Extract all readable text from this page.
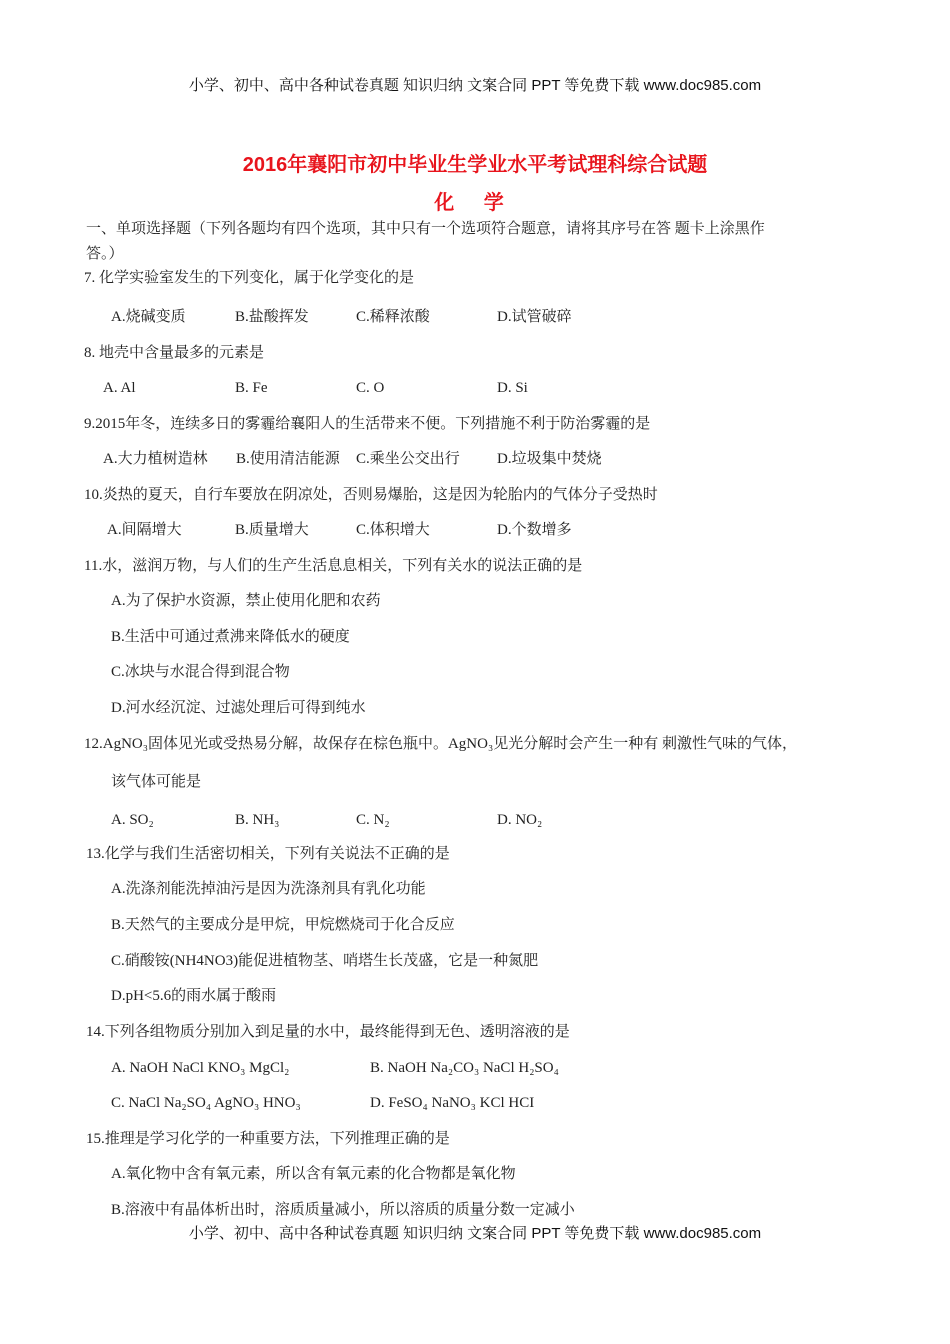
小学、初中、高中各种试卷真题 知识归纳 文案合同 PPT 等免费下载 www.doc985.com
2016年襄阳市初中毕业生学业水平考试理科综合试题
化 学
一、单项选择题（下列各题均有四个选项，其中只有一个选项符合题意，请将其序号在答 题卡上涂黑作
答。）
7. 化学实验室发生的下列变化，属于化学变化的是
A.烧碱变质	B.盐酸挥发	C.稀释浓酸	D.试管破碎
8. 地壳中含量最多的元素是
A. Al	B. Fe	C. O	D. Si
9.2015年冬，连续多日的雾霾给襄阳人的生活带来不便。下列措施不利于防治雾霾的是
A.大力植树造林 B.使用清洁能源 C.乘坐公交出行 D.垃圾集中焚烧
10.炎热的夏天，自行车要放在阴凉处，否则易爆胎，这是因为轮胎内的气体分子受热时
A.间隔增大	B.质量增大	C.体积增大	D.个数增多
11.水，滋润万物，与人们的生产生活息息相关，下列有关水的说法正确的是
A.为了保护水资源，禁止使用化肥和农药
B.生活中可通过煮沸来降低水的硬度
C.冰块与水混合得到混合物
D.河水经沉淀、过滤处理后可得到纯水
12.AgNO₃固体见光或受热易分解，故保存在棕色瓶中。AgNO₃见光分解时会产生一种有 刺激性气味的气体，
该气体可能是
A. SO₂	B. NH₃	C. N₂	D. NO₂
13.化学与我们生活密切相关，下列有关说法不正确的是
A.洗涤剂能洗掉油污是因为洗涤剂具有乳化功能
B.天然气的主要成分是甲烷，甲烷燃烧司于化合反应
C.硝酸铵(NH4NO3)能促进植物茎、哨塔生长茂盛，它是一种氮肥
D.pH<5.6的雨水属于酸雨
14.下列各组物质分别加入到足量的水中，最终能得到无色、透明溶液的是
A. NaOH NaCl KNO₃ MgCl₂	B. NaOH Na₂CO₃ NaCl H₂SO₄
C. NaCl Na₂SO₄ AgNO₃ HNO₃	D. FeSO₄ NaNO₃ KCl HCI
15.推理是学习化学的一种重要方法，下列推理正确的是
A.氧化物中含有氧元素，所以含有氧元素的化合物都是氧化物
B.溶液中有晶体析出时，溶质质量减小，所以溶质的质量分数一定减小
小学、初中、高中各种试卷真题 知识归纳 文案合同 PPT 等免费下载 www.doc985.com
